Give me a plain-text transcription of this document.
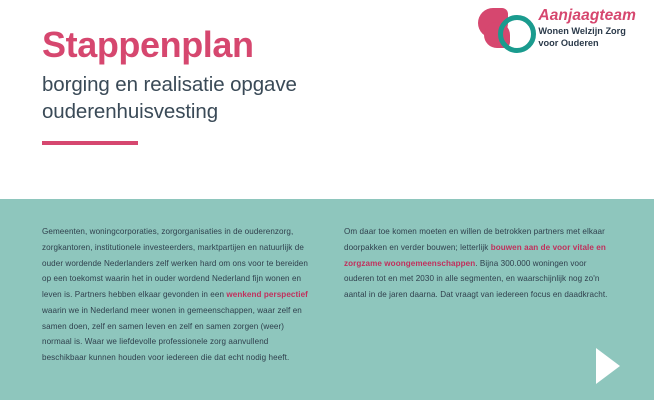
Aanjaagteam
Wonen Welzijn Zorg
voor Ouderen
Stappenplan
borging en realisatie opgave
ouderenhuisvesting

Gemeenten, woningcorporaties, zorgorganisaties in de ouderenzorg, zorgkantoren, institutionele investeerders, marktpartijen en natuurlijk de ouder wordende Nederlanders zelf werken hard om ons voor te bereiden op een toekomst waarin het in ouder wordend Nederland fijn wonen en leven is. Partners hebben elkaar gevonden in een wenkend perspectief waarin we in Nederland meer wonen in gemeenschappen, waar zelf en samen doen, zelf en samen leven en zelf en samen zorgen (weer) normaal is. Waar we liefdevolle professionele zorg aanvullend beschikbaar kunnen houden voor iedereen die dat echt nodig heeft.

Om daar toe komen moeten en willen de betrokken partners met elkaar doorpakken en verder bouwen; letterlijk bouwen aan de voor vitale en zorgzame woongemeenschappen. Bijna 300.000 woningen voor ouderen tot en met 2030 in alle segmenten, en waarschijnlijk nog zo'n aantal in de jaren daarna. Dat vraagt van iedereen focus en daadkracht.
